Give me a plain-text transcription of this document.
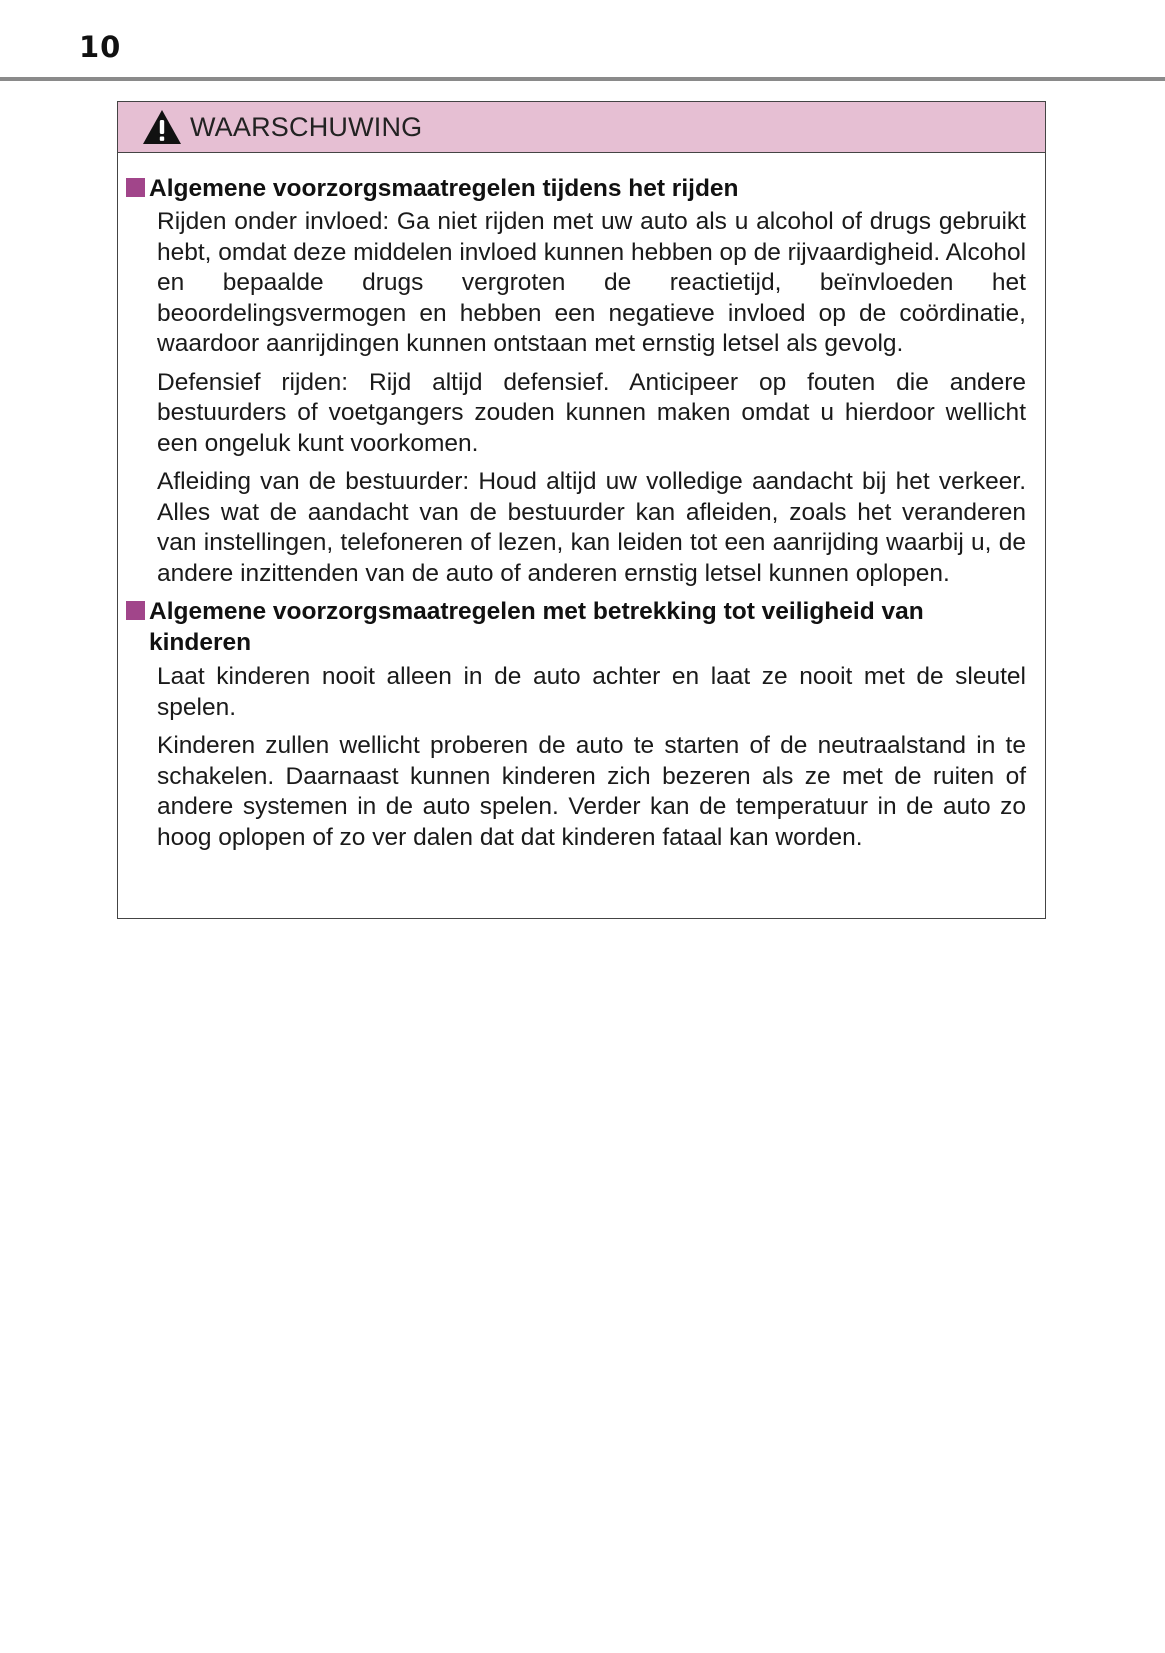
10
WAARSCHUWING
Algemene voorzorgsmaatregelen tijdens het rijden

Rijden onder invloed: Ga niet rijden met uw auto als u alcohol of drugs gebruikt hebt, omdat deze middelen invloed kunnen hebben op de rijvaardigheid. Alcohol en bepaalde drugs vergroten de reactietijd, beïnvloeden het beoordelingsvermogen en hebben een negatieve invloed op de coördinatie, waardoor aanrijdingen kunnen ontstaan met ernstig letsel als gevolg.

Defensief rijden: Rijd altijd defensief. Anticipeer op fouten die andere bestuurders of voetgangers zouden kunnen maken omdat u hierdoor wellicht een ongeluk kunt voorkomen.

Afleiding van de bestuurder: Houd altijd uw volledige aandacht bij het verkeer. Alles wat de aandacht van de bestuurder kan afleiden, zoals het veranderen van instellingen, telefoneren of lezen, kan leiden tot een aanrijding waarbij u, de andere inzittenden van de auto of anderen ernstig letsel kunnen oplopen.

Algemene voorzorgsmaatregelen met betrekking tot veiligheid van kinderen

Laat kinderen nooit alleen in de auto achter en laat ze nooit met de sleutel spelen.

Kinderen zullen wellicht proberen de auto te starten of de neutraalstand in te schakelen. Daarnaast kunnen kinderen zich bezeren als ze met de ruiten of andere systemen in de auto spelen. Verder kan de temperatuur in de auto zo hoog oplopen of zo ver dalen dat dat kinderen fataal kan worden.
